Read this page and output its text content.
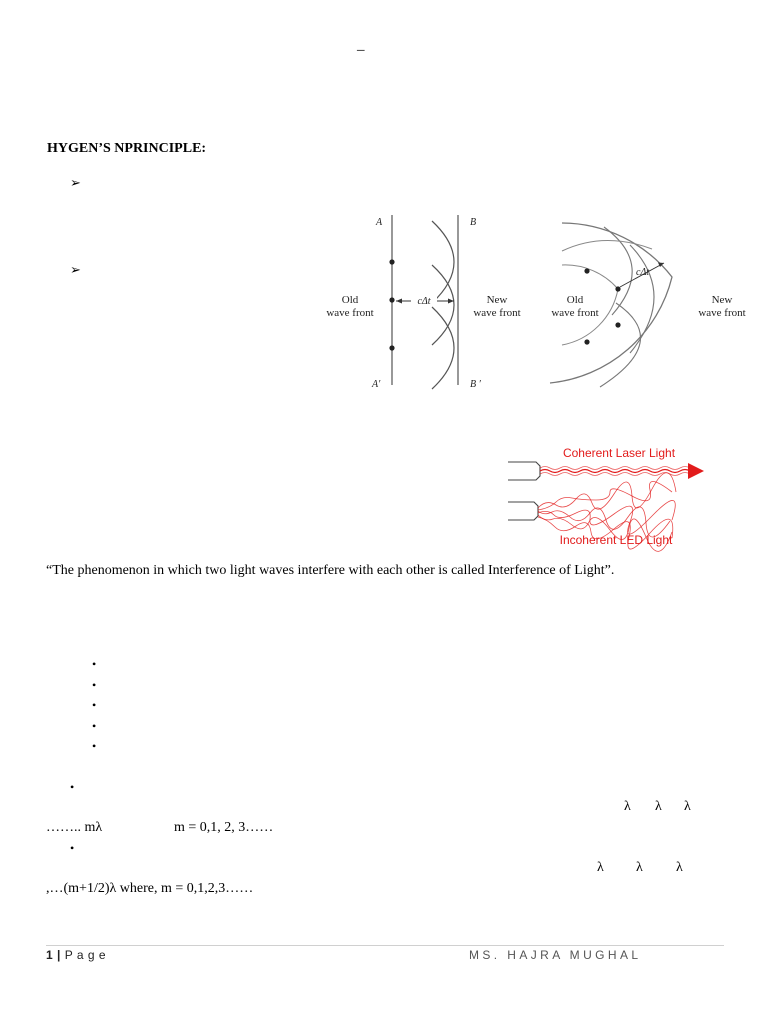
–
HYGEN’S NPRINCIPLE:
➢
➢
cΔt
A	B
A′	B ′
Old
wave front
New
wave front
cΔt
Old
wave front
New
wave front
Coherent Laser Light
Incoherent LED Light
“The phenomenon in which two light waves interfere with each other is called Interference of Light”.
•
•
•
•
•
•
λ λ λ
…….. mλ	m = 0,1, 2, 3……
•
λ λ λ
,…(m+1/2)λ where, m = 0,1,2,3……
1 | P a g e	MS. HAJRA MUGHAL
